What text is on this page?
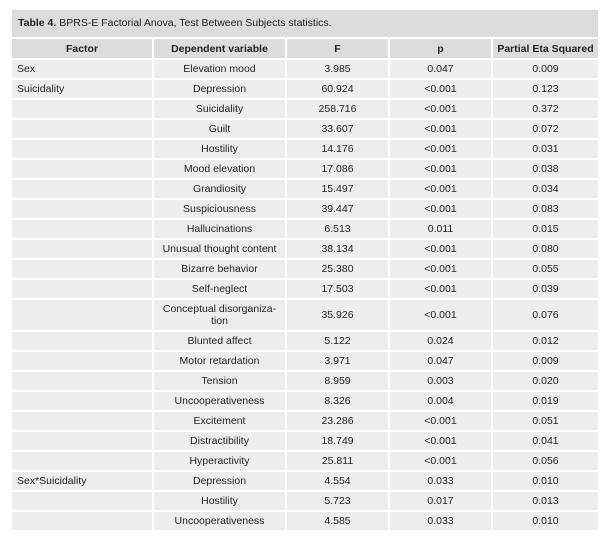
Table 4. BPRS-E Factorial Anova, Test Between Subjects statistics.
Factor	Dependent variable	F	p	Partial Eta Squared
Sex	Elevation mood	3.985	0.047	0.009
Suicidality	Depression	60.924	<0.001	0.123
	Suicidality	258.716	<0.001	0.372
	Guilt	33.607	<0.001	0.072
	Hostility	14.176	<0.001	0.031
	Mood elevation	17.086	<0.001	0.038
	Grandiosity	15.497	<0.001	0.034
	Suspiciousness	39.447	<0.001	0.083
	Hallucinations	6.513	0.011	0.015
	Unusual thought content	38.134	<0.001	0.080
	Bizarre behavior	25.380	<0.001	0.055
	Self-neglect	17.503	<0.001	0.039
	Conceptual disorganiza-tion	35.926	<0.001	0.076
	Blunted affect	5.122	0.024	0.012
	Motor retardation	3.971	0.047	0.009
	Tension	8.959	0.003	0.020
	Uncooperativeness	8.326	0.004	0.019
	Excitement	23.286	<0.001	0.051
	Distractibility	18.749	<0.001	0.041
	Hyperactivity	25.811	<0.001	0.056
Sex*Suicidality	Depression	4.554	0.033	0.010
	Hostility	5.723	0.017	0.013
	Uncooperativeness	4.585	0.033	0.010
